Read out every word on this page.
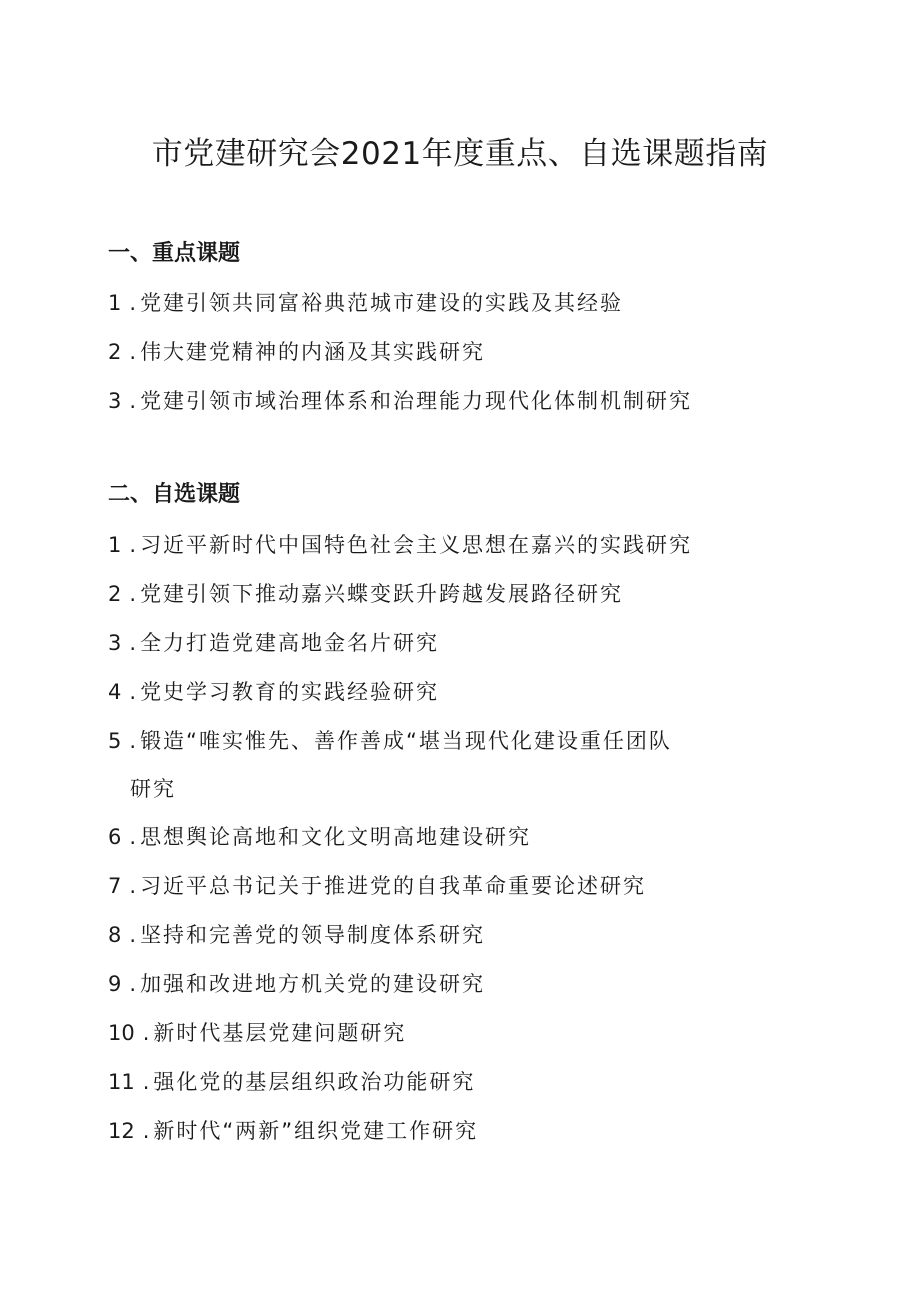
市党建研究会2021年度重点、自选课题指南
一、重点课题
1 . 党建引领共同富裕典范城市建设的实践及其经验
2 . 伟大建党精神的内涵及其实践研究
3 . 党建引领市域治理体系和治理能力现代化体制机制研究
二、自选课题
1 . 习近平新时代中国特色社会主义思想在嘉兴的实践研究
2 . 党建引领下推动嘉兴蝶变跃升跨越发展路径研究
3 . 全力打造党建高地金名片研究
4 . 党史学习教育的实践经验研究
5 . 锻造“唯实惟先、善作善成“堪当现代化建设重任团队
研究
6 . 思想舆论高地和文化文明高地建设研究
7 . 习近平总书记关于推进党的自我革命重要论述研究
8 . 坚持和完善党的领导制度体系研究
9 . 加强和改进地方机关党的建设研究
10 . 新时代基层党建问题研究
11 . 强化党的基层组织政治功能研究
12 . 新时代“两新”组织党建工作研究
